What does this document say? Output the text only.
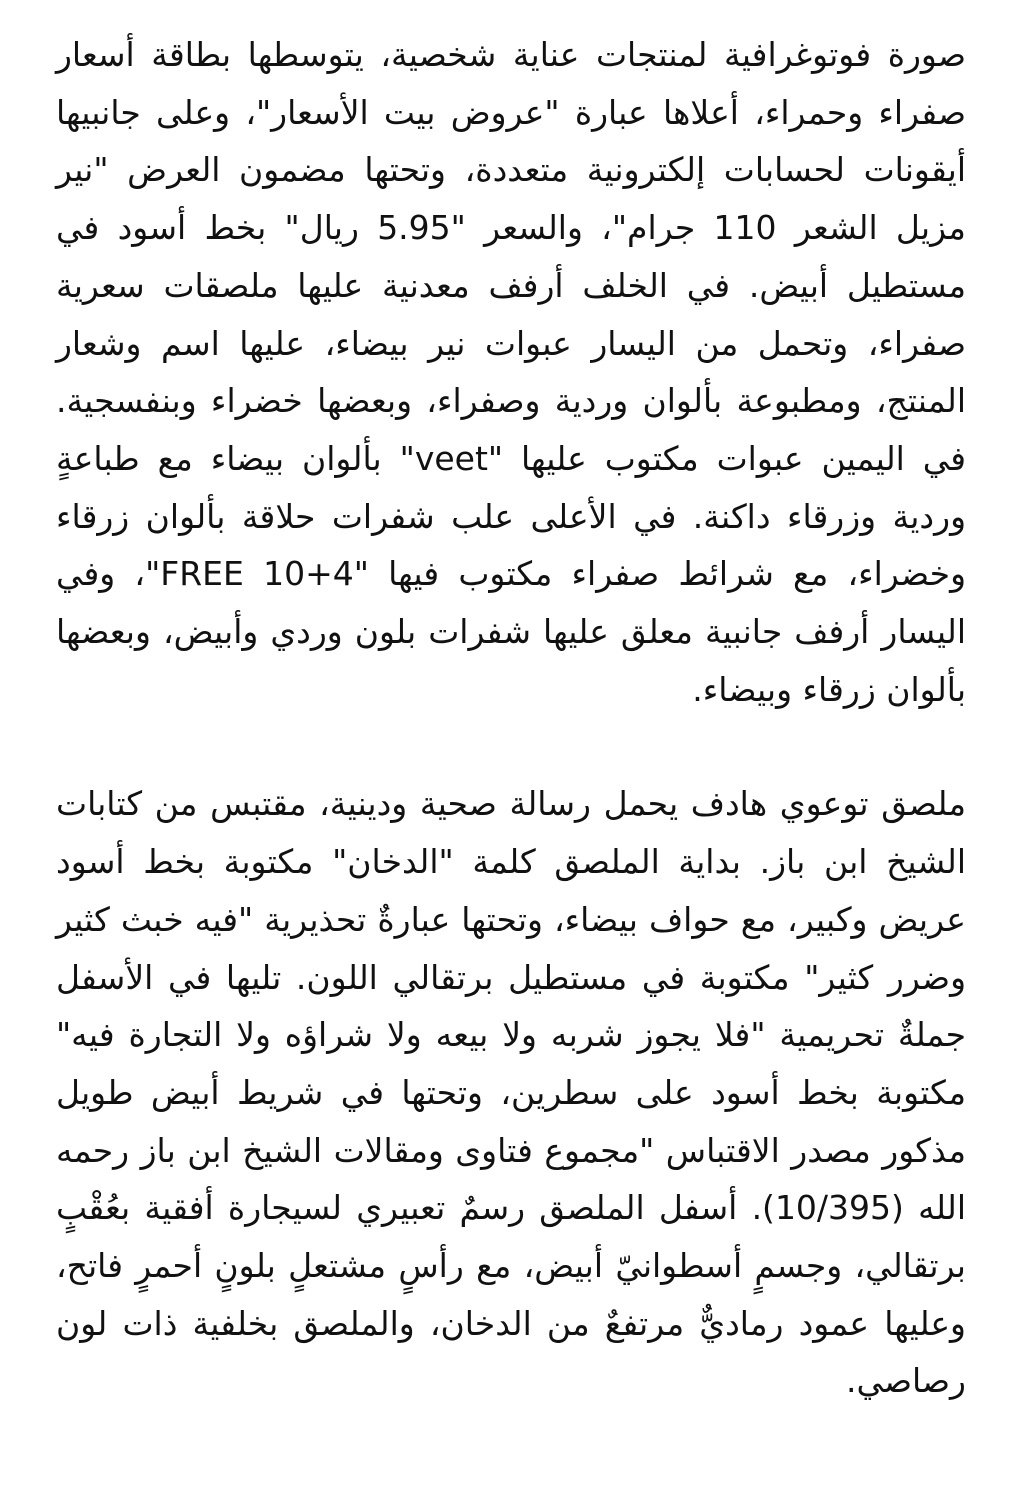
صورة فوتوغرافية لمنتجات عناية شخصية، يتوسطها بطاقة أسعار صفراء وحمراء، أعلاها عبارة "عروض بيت الأسعار"، وعلى جانبيها أيقونات لحسابات إلكترونية متعددة، وتحتها مضمون العرض "نير مزيل الشعر 110 جرام"، والسعر "5.95 ريال" بخط أسود في مستطيل أبيض. في الخلف أرفف معدنية عليها ملصقات سعرية صفراء، وتحمل من اليسار عبوات نير بيضاء، عليها اسم وشعار المنتج، ومطبوعة بألوان وردية وصفراء، وبعضها خضراء وبنفسجية. في اليمين عبوات مكتوب عليها "veet" بألوان بيضاء مع طباعةٍ وردية وزرقاء داكنة. في الأعلى علب شفرات حلاقة بألوان زرقاء وخضراء، مع شرائط صفراء مكتوب فيها "FREE 10+4"، وفي اليسار أرفف جانبية معلق عليها شفرات بلون وردي وأبيض، وبعضها بألوان زرقاء وبيضاء.

ملصق توعوي هادف يحمل رسالة صحية ودينية، مقتبس من كتابات الشيخ ابن باز. بداية الملصق كلمة "الدخان" مكتوبة بخط أسود عريض وكبير، مع حواف بيضاء، وتحتها عبارةٌ تحذيرية "فيه خبث كثير وضرر كثير" مكتوبة في مستطيل برتقالي اللون. تليها في الأسفل جملةٌ تحريمية "فلا يجوز شربه ولا بيعه ولا شراؤه ولا التجارة فيه" مكتوبة بخط أسود على سطرين، وتحتها في شريط أبيض طويل مذكور مصدر الاقتباس "مجموع فتاوى ومقالات الشيخ ابن باز رحمه الله (10/395). أسفل الملصق رسمٌ تعبيري لسيجارة أفقية بعُقْبٍ برتقالي، وجسمٍ أسطوانيّ أبيض، مع رأسٍ مشتعلٍ بلونٍ أحمرٍ فاتح، وعليها عمود رماديٌّ مرتفعٌ من الدخان، والملصق بخلفية ذات لون رصاصي.
